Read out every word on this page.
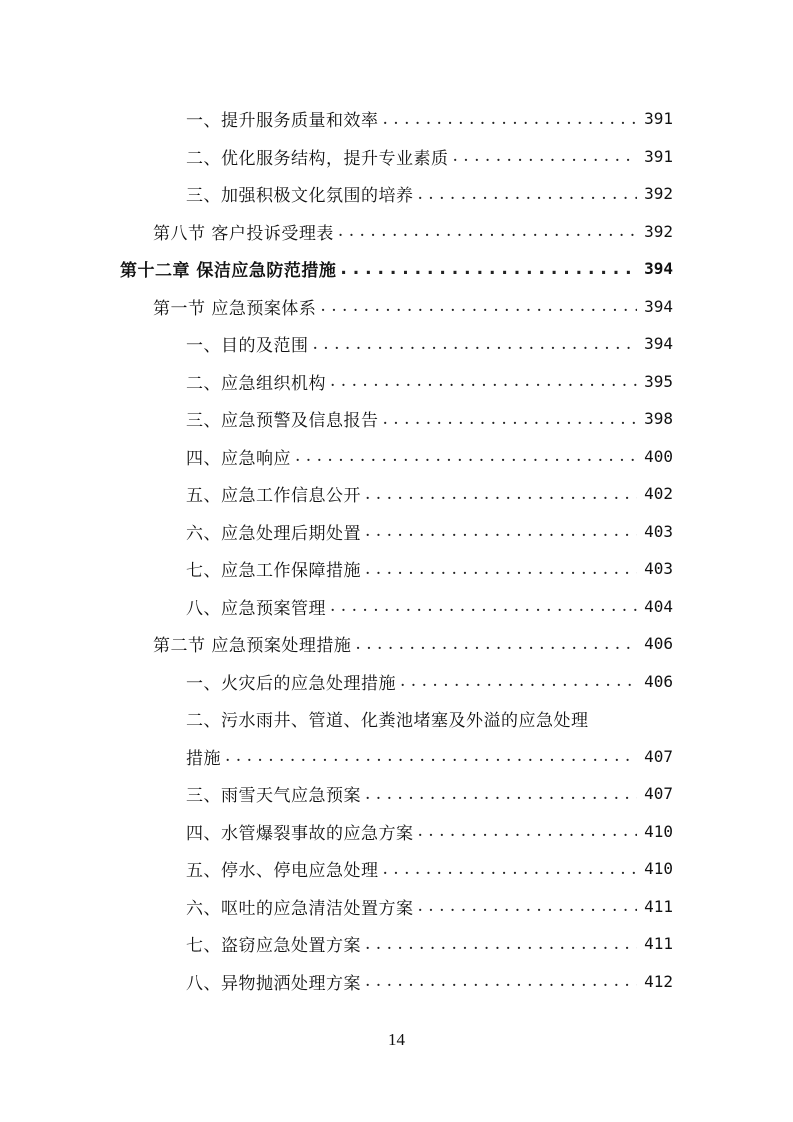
一、提升服务质量和效率 . . .	391
二、优化服务结构，提升专业素质 . . .	391
三、加强积极文化氛围的培养 . . .	392
第八节 客户投诉受理表 . . .	392
第十二章 保洁应急防范措施 . . .	394
第一节 应急预案体系 . . .	394
一、目的及范围 . . .	394
二、应急组织机构 . . .	395
三、应急预警及信息报告 . . .	398
四、应急响应 . . .	400
五、应急工作信息公开 . . .	402
六、应急处理后期处置 . . .	403
七、应急工作保障措施 . . .	403
八、应急预案管理 . . .	404
第二节 应急预案处理措施 . . .	406
一、火灾后的应急处理措施 . . .	406
二、污水雨井、管道、化粪池堵塞及外溢的应急处理
措施 . . .	407
三、雨雪天气应急预案 . . .	407
四、水管爆裂事故的应急方案 . . .	410
五、停水、停电应急处理 . . .	410
六、呕吐的应急清洁处置方案 . . .	411
七、盗窃应急处置方案 . . .	411
八、异物抛洒处理方案 . . .	412
14
